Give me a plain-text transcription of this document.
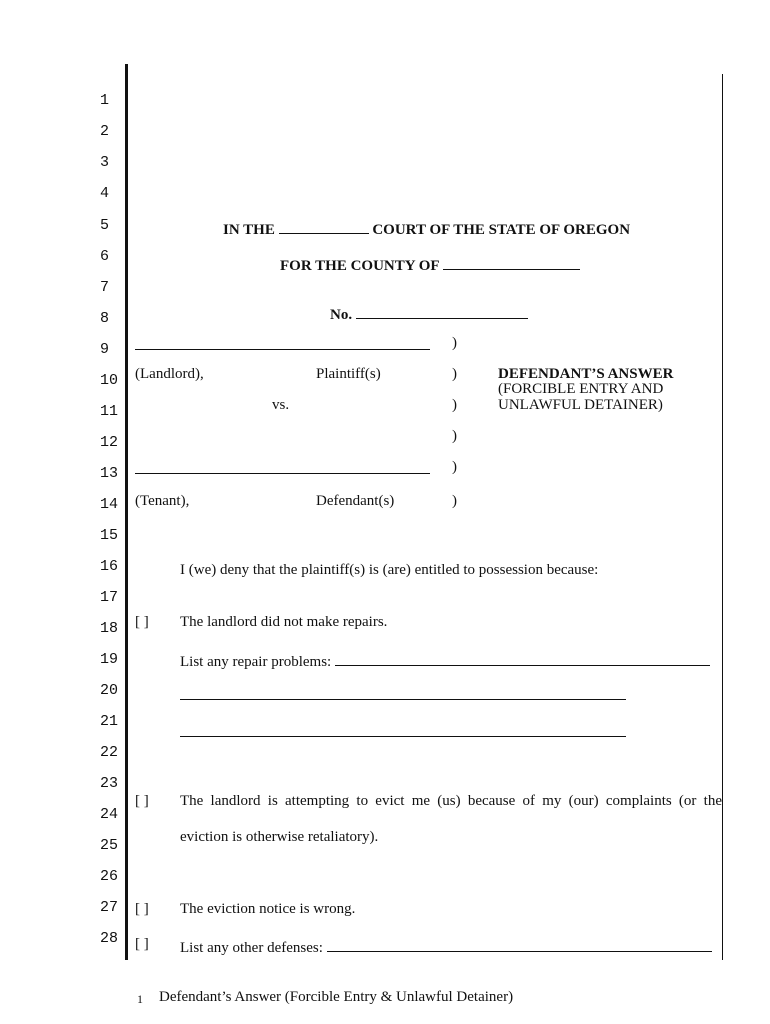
1
2
3
4
5
6
7
8
9
10
11
12
13
14
15
16
17
18
19
20
21
22
23
24
25
26
27
28
IN THE	COURT OF THE STATE OF OREGON
FOR THE COUNTY OF
No.
(Landlord),	Plaintiff(s)
vs.
(Tenant),	Defendant(s)
)
)
)
)
)
)
DEFENDANT’S ANSWER
(FORCIBLE ENTRY AND
UNLAWFUL DETAINER)
I (we) deny that the plaintiff(s) is (are) entitled to possession because:
[ ] The landlord did not make repairs.
List any repair problems:
[ ] The landlord is attempting to evict me (us) because of my (our) complaints (or the
eviction is otherwise retaliatory).
[ ] The eviction notice is wrong.
[ ] List any other defenses:
1 Defendant’s Answer (Forcible Entry & Unlawful Detainer)
